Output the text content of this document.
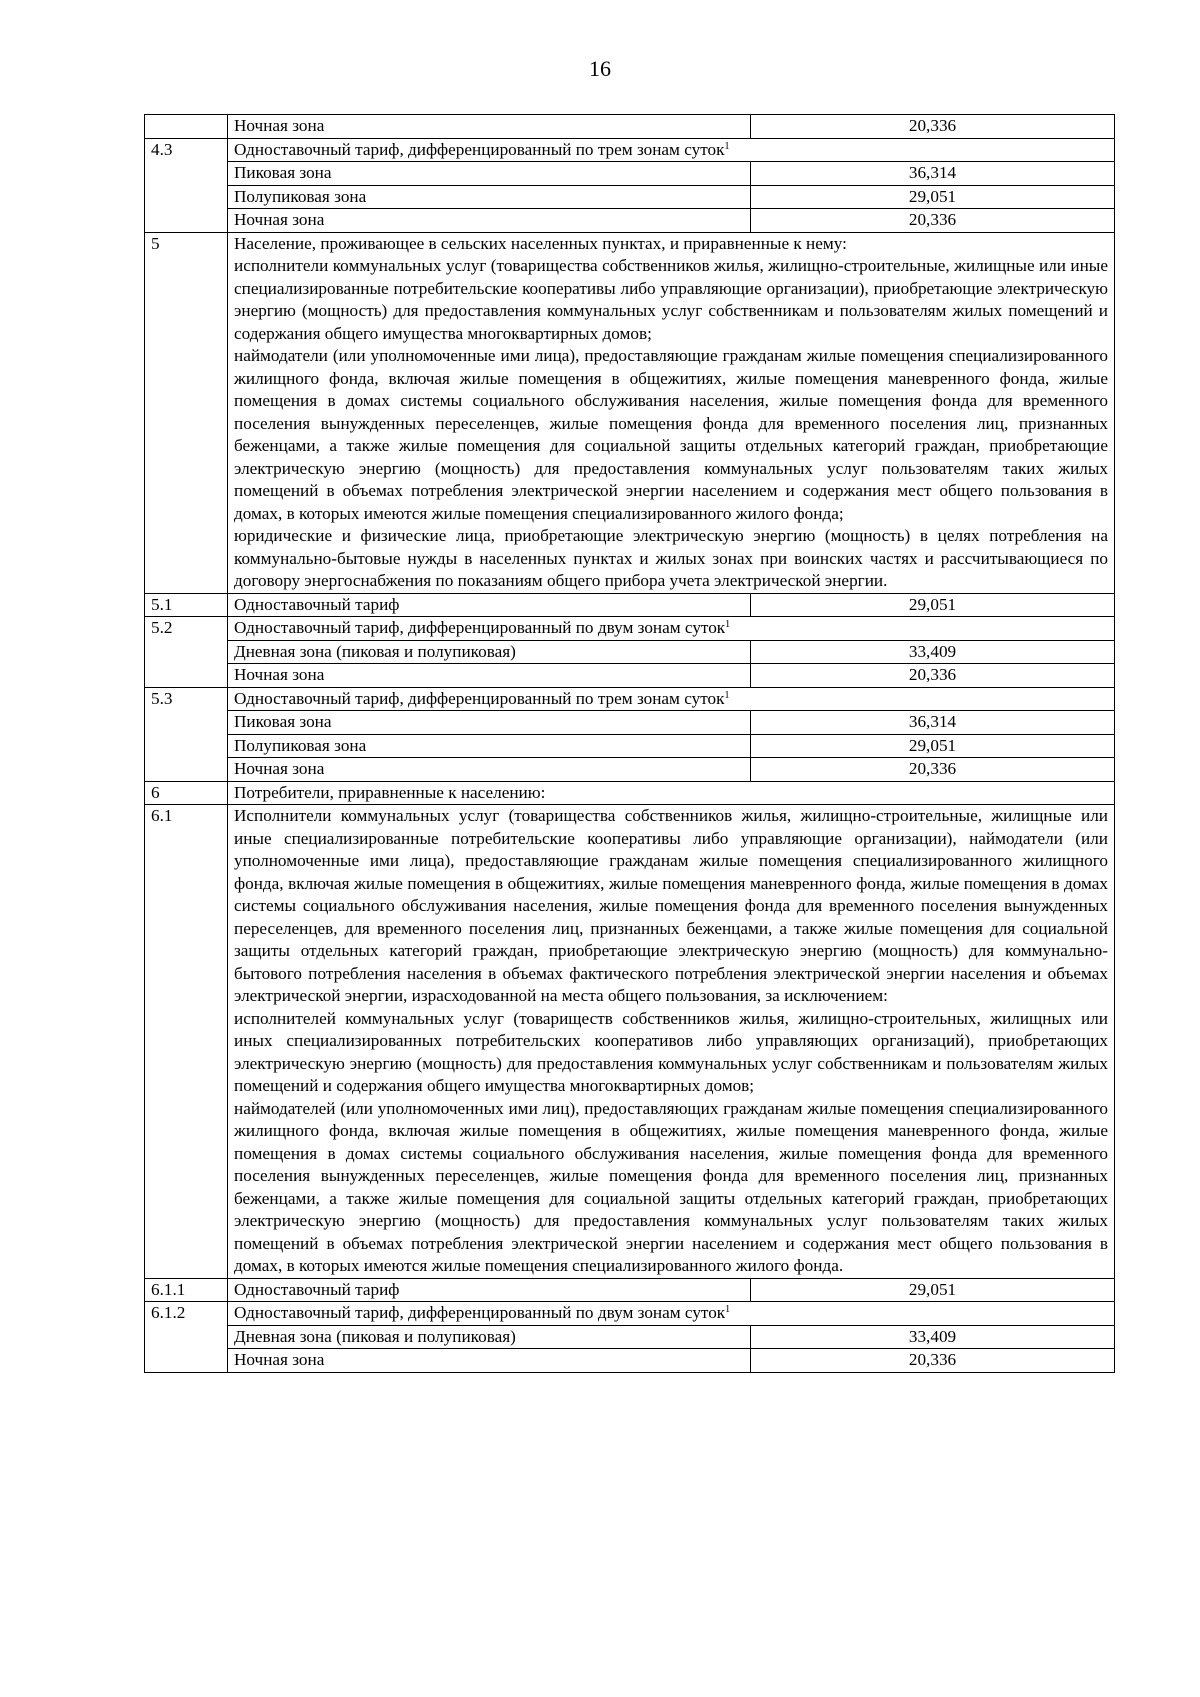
16
	Ночная зона	20,336
4.3	Одноставочный тариф, дифференцированный по трем зонам суток$^1$
	Пиковая зона	36,314
	Полупиковая зона	29,051
	Ночная зона	20,336
5	Население, проживающее в сельских населенных пунктах, и приравненные к нему:

исполнители коммунальных услуг (товарищества собственников жилья, жилищно-строительные, жилищные или иные специализированные потребительские кооперативы либо управляющие организации), приобретающие электрическую энергию (мощность) для предоставления коммунальных услуг собственникам и пользователям жилых помещений и содержания общего имущества многоквартирных домов;

наймодатели (или уполномоченные ими лица), предоставляющие гражданам жилые помещения специализированного жилищного фонда, включая жилые помещения в общежитиях, жилые помещения маневренного фонда, жилые помещения в домах системы социального обслуживания населения, жилые помещения фонда для временного поселения вынужденных переселенцев, жилые помещения фонда для временного поселения лиц, признанных беженцами, а также жилые помещения для социальной защиты отдельных категорий граждан, приобретающие электрическую энергию (мощность) для предоставления коммунальных услуг пользователям таких жилых помещений в объемах потребления электрической энергии населением и содержания мест общего пользования в домах, в которых имеются жилые помещения специализированного жилого фонда;

юридические и физические лица, приобретающие электрическую энергию (мощность) в целях потребления на коммунально-бытовые нужды в населенных пунктах и жилых зонах при воинских частях и рассчитывающиеся по договору энергоснабжения по показаниям общего прибора учета электрической энергии.	

5.1	Одноставочный тариф	29,051
5.2	Одноставочный тариф, дифференцированный по двум зонам суток$^1$
	Дневная зона (пиковая и полупиковая)	33,409
	Ночная зона	20,336
5.3	Одноставочный тариф, дифференцированный по трем зонам суток$^1$
	Пиковая зона	36,314
	Полупиковая зона	29,051
	Ночная зона	20,336
6	Потребители, приравненные к населению:	
6.1	Исполнители коммунальных услуг (товарищества собственников жилья, жилищно-строительные, жилищные или иные специализированные потребительские кооперативы либо управляющие организации), наймодатели (или уполномоченные ими лица), предоставляющие гражданам жилые помещения специализированного жилищного фонда, включая жилые помещения в общежитиях, жилые помещения маневренного фонда, жилые помещения в домах системы социального обслуживания населения, жилые помещения фонда для временного поселения вынужденных переселенцев, для временного поселения лиц, признанных беженцами, а также жилые помещения для социальной защиты отдельных категорий граждан, приобретающие электрическую энергию (мощность) для коммунально-бытового потребления населения в объемах фактического потребления электрической энергии населения и объемах электрической энергии, израсходованной на места общего пользования, за исключением:

исполнителей коммунальных услуг (товариществ собственников жилья, жилищно-строительных, жилищных или иных специализированных потребительских кооперативов либо управляющих организаций), приобретающих электрическую энергию (мощность) для предоставления коммунальных услуг собственникам и пользователям жилых помещений и содержания общего имущества многоквартирных домов;

наймодателей (или уполномоченных ими лиц), предоставляющих гражданам жилые помещения специализированного жилищного фонда, включая жилые помещения в общежитиях, жилые помещения маневренного фонда, жилые помещения в домах системы социального обслуживания населения, жилые помещения фонда для временного поселения вынужденных переселенцев, жилые помещения фонда для временного поселения лиц, признанных беженцами, а также жилые помещения для социальной защиты отдельных категорий граждан, приобретающих электрическую энергию (мощность) для предоставления коммунальных услуг пользователям таких жилых помещений в объемах потребления электрической энергии населением и содержания мест общего пользования в домах, в которых имеются жилые помещения специализированного жилого фонда.	

6.1.1	Одноставочный тариф	29,051
6.1.2	Одноставочный тариф, дифференцированный по двум зонам суток$^1$
	Дневная зона (пиковая и полупиковая)	33,409
	Ночная зона	20,336
